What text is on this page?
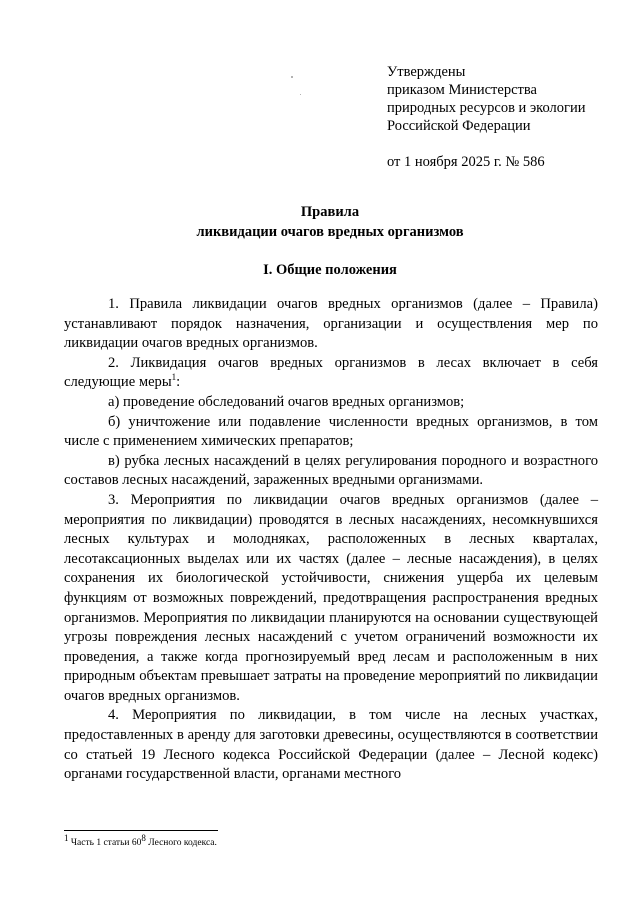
Утверждены
приказом Министерства
природных ресурсов и экологии
Российской Федерации
от 1 ноября 2025 г. № 586
Правила
ликвидации очагов вредных организмов
I. Общие положения

1. Правила ликвидации очагов вредных организмов (далее – Правила) устанавливают порядок назначения, организации и осуществления мер по ликвидации очагов вредных организмов.

2. Ликвидация очагов вредных организмов в лесах включает в себя следующие меры$^1$:

а) проведение обследований очагов вредных организмов;

б) уничтожение или подавление численности вредных организмов, в том числе с применением химических препаратов;

в) рубка лесных насаждений в целях регулирования породного и возрастного составов лесных насаждений, зараженных вредными организмами.

3. Мероприятия по ликвидации очагов вредных организмов (далее – мероприятия по ликвидации) проводятся в лесных насаждениях, несомкнувшихся лесных культурах и молодняках, расположенных в лесных кварталах, лесотаксационных выделах или их частях (далее – лесные насаждения), в целях сохранения их биологической устойчивости, снижения ущерба их целевым функциям от возможных повреждений, предотвращения распространения вредных организмов. Мероприятия по ликвидации планируются на основании существующей угрозы повреждения лесных насаждений с учетом ограничений возможности их проведения, а также когда прогнозируемый вред лесам и расположенным в них природным объектам превышает затраты на проведение мероприятий по ликвидации очагов вредных организмов.

4. Мероприятия по ликвидации, в том числе на лесных участках, предоставленных в аренду для заготовки древесины, осуществляются в соответствии со статьей 19 Лесного кодекса Российской Федерации (далее – Лесной кодекс) органами государственной власти, органами местного

$^1$ Часть 1 статьи $60^8$ Лесного кодекса.
